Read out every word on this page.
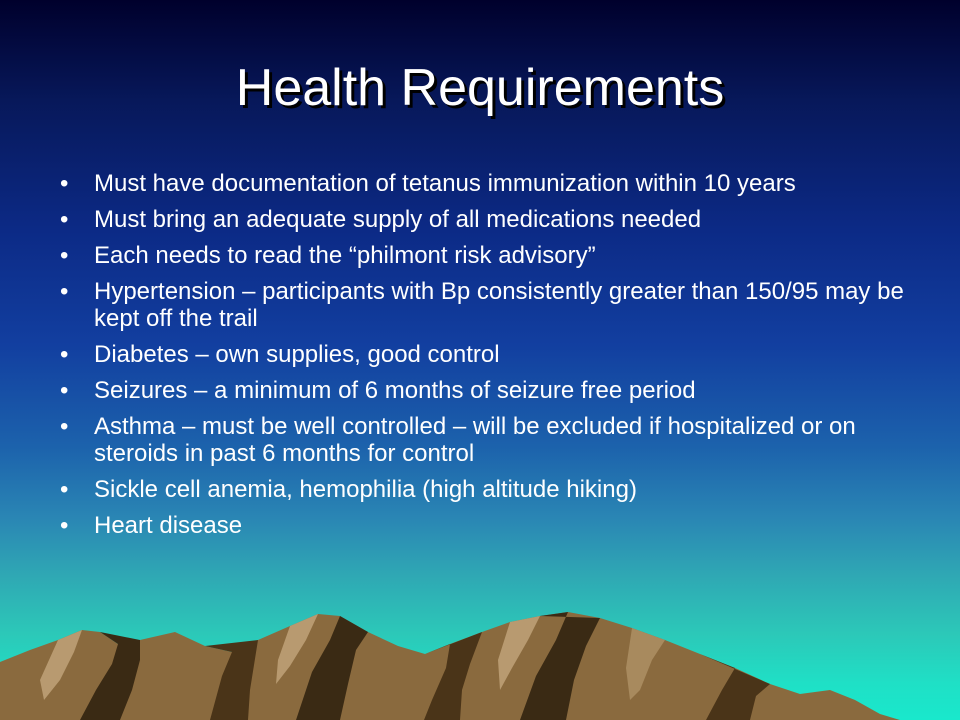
Health Requirements
•	Must have documentation of tetanus immunization within 10 years
•	Must bring an adequate supply of all medications needed
•	Each needs to read the “philmont risk advisory”
•	Hypertension – participants with Bp consistently greater than 150/95 may be kept off the trail
•	Diabetes – own supplies, good control
•	Seizures – a minimum of 6 months of seizure free period
•	Asthma – must be well controlled – will be excluded if hospitalized or on steroids in past 6 months for control
•	Sickle cell anemia, hemophilia (high altitude hiking)
•	Heart disease
